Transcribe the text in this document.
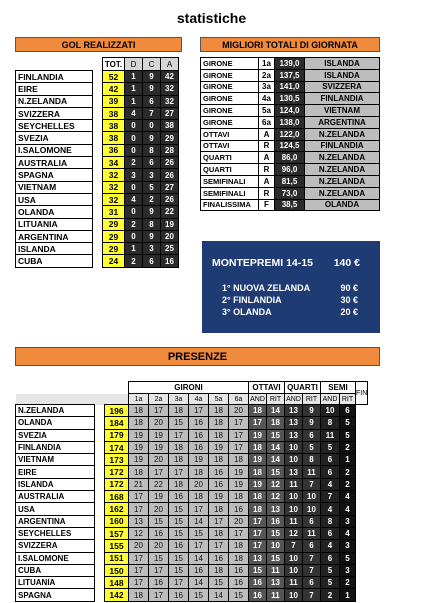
statistiche
GOL REALIZZATI
		TOT.	D	C	A
FINLANDIA		52	1	9	42
EIRE		42	1	9	32
N.ZELANDA		39	1	6	32
SVIZZERA		38	4	7	27
SEYCHELLES		38	0	0	38
SVEZIA		38	0	9	29
I.SALOMONE		36	0	8	28
AUSTRALIA		34	2	6	26
SPAGNA		32	3	3	26
VIETNAM		32	0	5	27
USA		32	4	2	26
OLANDA		31	0	9	22
LITUANIA		29	2	8	19
ARGENTINA		29	0	9	20
ISLANDA		29	1	3	25
CUBA		24	2	6	16
MIGLIORI TOTALI DI GIORNATA
GIRONE	1a	139,0	ISLANDA
GIRONE	2a	137,5	ISLANDA
GIRONE	3a	141,0	SVIZZERA
GIRONE	4a	130,5	FINLANDIA
GIRONE	5a	124,0	VIETNAM
GIRONE	6a	138,0	ARGENTINA
OTTAVI	A	122,0	N.ZELANDA
OTTAVI	R	124,5	FINLANDIA
QUARTI	A	86,0	N.ZELANDA
QUARTI	R	96,0	N.ZELANDA
SEMIFINALI	A	81,5	N.ZELANDA
SEMIFINALI	R	73,0	N.ZELANDA
FINALISSIMA	F	38,5	OLANDA
MONTEPREMI 14-15 140 €
1° NUOVA ZELANDA	90 €
2° FINLANDIA	30 €
3° OLANDA	20 €
PRESENZE
			GIRONI						OTTAVI		QUARTI		SEMI		FIN
			1a	2a	3a	4a	5a	6a	AND	RIT	AND	RIT	AND	RIT	
N.ZELANDA		196	18	17	18	17	18	20	18	14	13	9	10	6	
OLANDA		184	18	20	15	16	18	17	17	18	13	9	8	5	
SVEZIA		179	19	19	17	16	18	17	19	15	13	6	11	5	
FINLANDIA		174	19	19	18	16	19	17	18	14	10	5	5	2	
VIETNAM		173	19	20	18	19	18	18	19	14	10	8	6	1	
EIRE		172	18	17	17	18	16	19	18	15	13	11	6	2	
ISLANDA		172	21	22	18	20	16	19	19	12	11	7	4	2	
AUSTRALIA		168	17	19	16	18	19	18	18	12	10	10	7	4	
USA		162	17	20	15	17	18	16	18	13	10	10	4	4	
ARGENTINA		160	13	15	15	14	17	20	17	16	11	6	8	3	
SEYCHELLES		157	12	16	15	15	18	17	17	15	12	11	6	4	
SVIZZERA		155	20	20	16	17	17	18	17	10	7	6	4	3	
I.SALOMONE		151	17	15	15	14	16	18	13	15	10	7	6	5	
CUBA		150	17	17	15	16	18	16	15	11	10	7	5	3	
LITUANIA		148	17	16	17	14	15	16	16	13	11	6	5	2	
SPAGNA		142	18	17	16	15	14	15	16	11	10	7	2	1	
